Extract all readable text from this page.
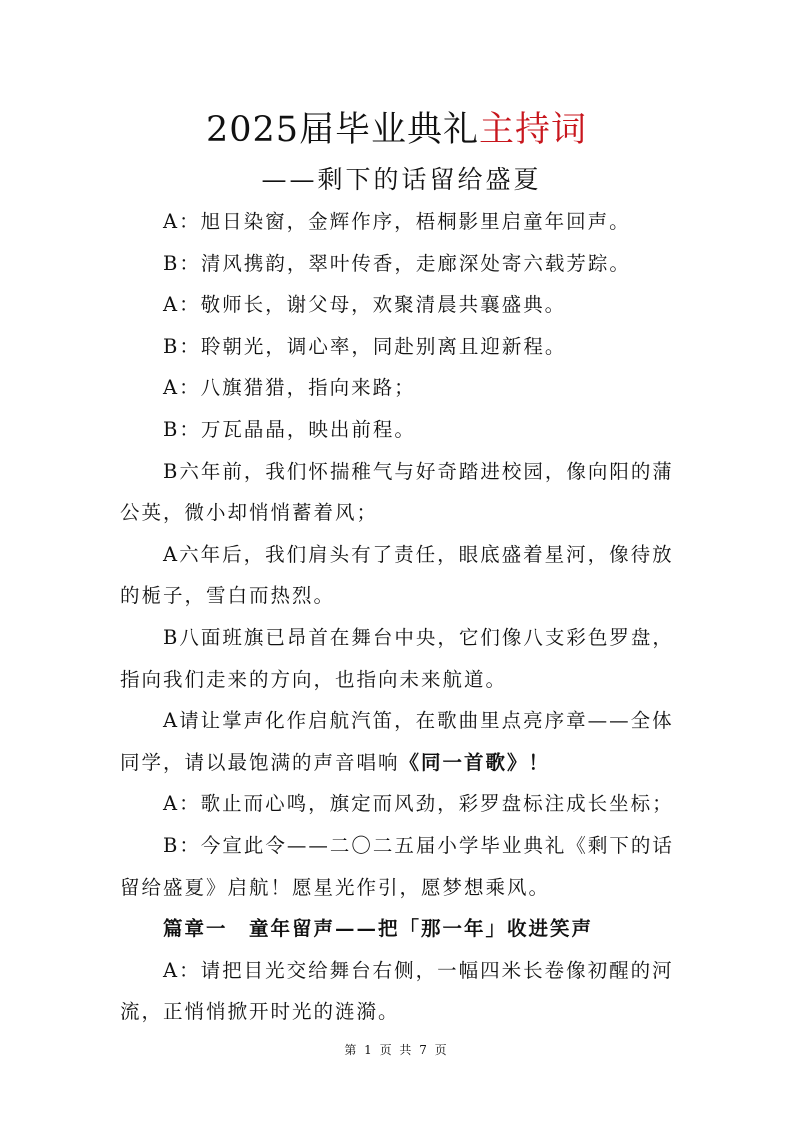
2025届毕业典礼主持词
——剩下的话留给盛夏
A：旭日染窗，金辉作序，梧桐影里启童年回声。
B：清风携韵，翠叶传香，走廊深处寄六载芳踪。
A：敬师长，谢父母，欢聚清晨共襄盛典。
B：聆朝光，调心率，同赴别离且迎新程。
A：八旗猎猎，指向来路；
B：万瓦晶晶，映出前程。
B六年前，我们怀揣稚气与好奇踏进校园，像向阳的蒲
公英，微小却悄悄蓄着风；
A六年后，我们肩头有了责任，眼底盛着星河，像待放
的栀子，雪白而热烈。
B八面班旗已昂首在舞台中央，它们像八支彩色罗盘，
指向我们走来的方向，也指向未来航道。
A请让掌声化作启航汽笛，在歌曲里点亮序章——全体
同学，请以最饱满的声音唱响《同一首歌》！
A：歌止而心鸣，旗定而风劲，彩罗盘标注成长坐标；
B：今宣此令——二〇二五届小学毕业典礼《剩下的话
留给盛夏》启航！愿星光作引，愿梦想乘风。
篇章一　童年留声——把「那一年」收进笑声
A：请把目光交给舞台右侧，一幅四米长卷像初醒的河
流，正悄悄掀开时光的涟漪。
第 1 页 共 7 页
